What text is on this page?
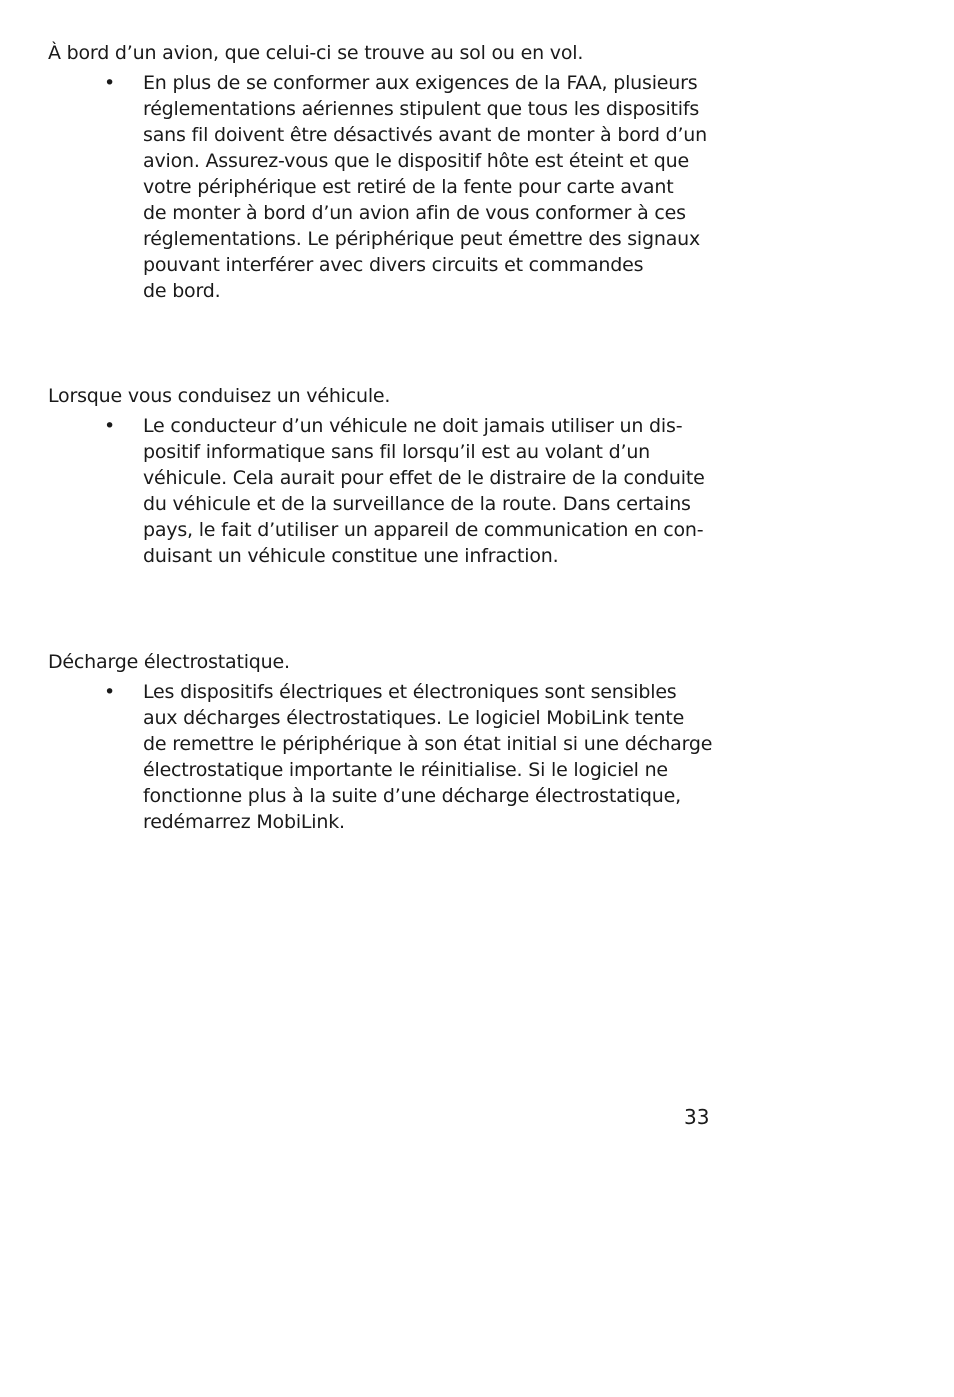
À bord d’un avion, que celui-ci se trouve au sol ou en vol.

• En plus de se conformer aux exigences de la FAA, plusieurs
réglementations aériennes stipulent que tous les dispositifs
sans fil doivent être désactivés avant de monter à bord d’un
avion. Assurez-vous que le dispositif hôte est éteint et que
votre périphérique est retiré de la fente pour carte avant
de monter à bord d’un avion afin de vous conformer à ces
réglementations. Le périphérique peut émettre des signaux
pouvant interférer avec divers circuits et commandes
de bord.

Lorsque vous conduisez un véhicule.

• Le conducteur d’un véhicule ne doit jamais utiliser un dis-
positif informatique sans fil lorsqu’il est au volant d’un
véhicule. Cela aurait pour effet de le distraire de la conduite
du véhicule et de la surveillance de la route. Dans certains
pays, le fait d’utiliser un appareil de communication en con-
duisant un véhicule constitue une infraction.

Décharge électrostatique.

• Les dispositifs électriques et électroniques sont sensibles
aux décharges électrostatiques. Le logiciel MobiLink tente
de remettre le périphérique à son état initial si une décharge
électrostatique importante le réinitialise. Si le logiciel ne
fonctionne plus à la suite d’une décharge électrostatique,
redémarrez MobiLink.
33
